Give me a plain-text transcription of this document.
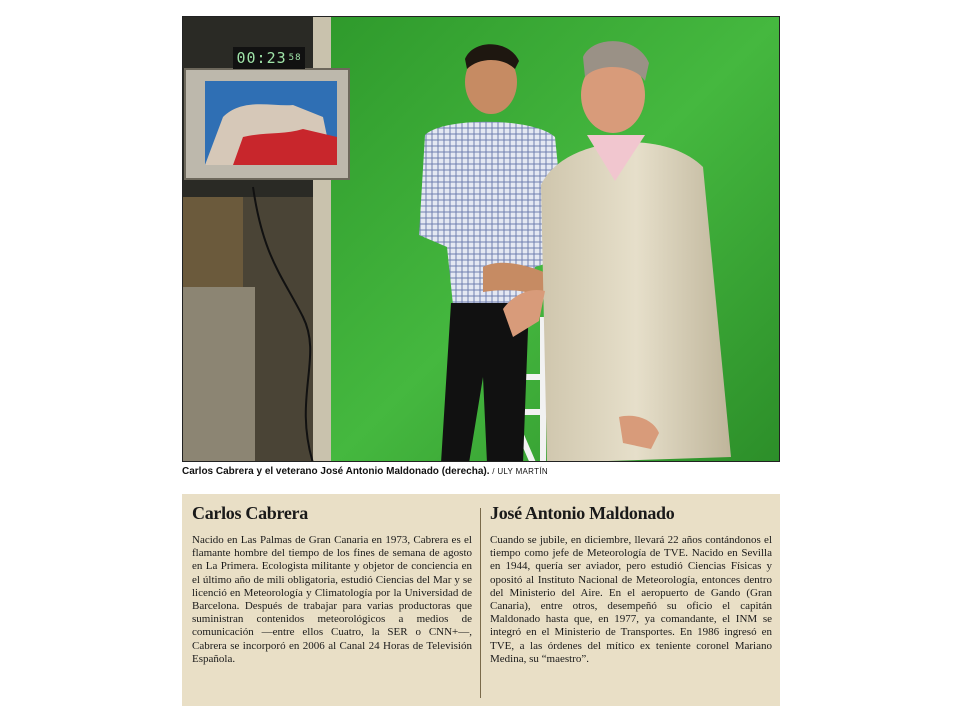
00:23 $^{58}$
Carlos Cabrera y el veterano José Antonio Maldonado (derecha). / ULY MARTÍN
Carlos Cabrera

Nacido en Las Palmas de Gran Canaria en 1973, Cabrera es el flamante hombre del tiempo de los fines de semana de agosto en La Primera. Ecologista militante y objetor de conciencia en el último año de mili obligatoria, estudió Ciencias del Mar y se licenció en Meteorología y Climatología por la Universidad de Barcelona. Después de trabajar para varias productoras que suministran contenidos meteorológicos a medios de comunicación —entre ellos Cuatro, la SER o CNN+—, Cabrera se incorporó en 2006 al Canal 24 Horas de Televisión Española.

José Antonio Maldonado

Cuando se jubile, en diciembre, llevará 22 años contándonos el tiempo como jefe de Meteorología de TVE. Nacido en Sevilla en 1944, quería ser aviador, pero estudió Ciencias Físicas y opositó al Instituto Nacional de Meteorología, entonces dentro del Ministerio del Aire. En el aeropuerto de Gando (Gran Canaria), entre otros, desempeñó su oficio el capitán Maldonado hasta que, en 1977, ya comandante, el INM se integró en el Ministerio de Transportes. En 1986 ingresó en TVE, a las órdenes del mítico ex teniente coronel Mariano Medina, su “maestro”.
